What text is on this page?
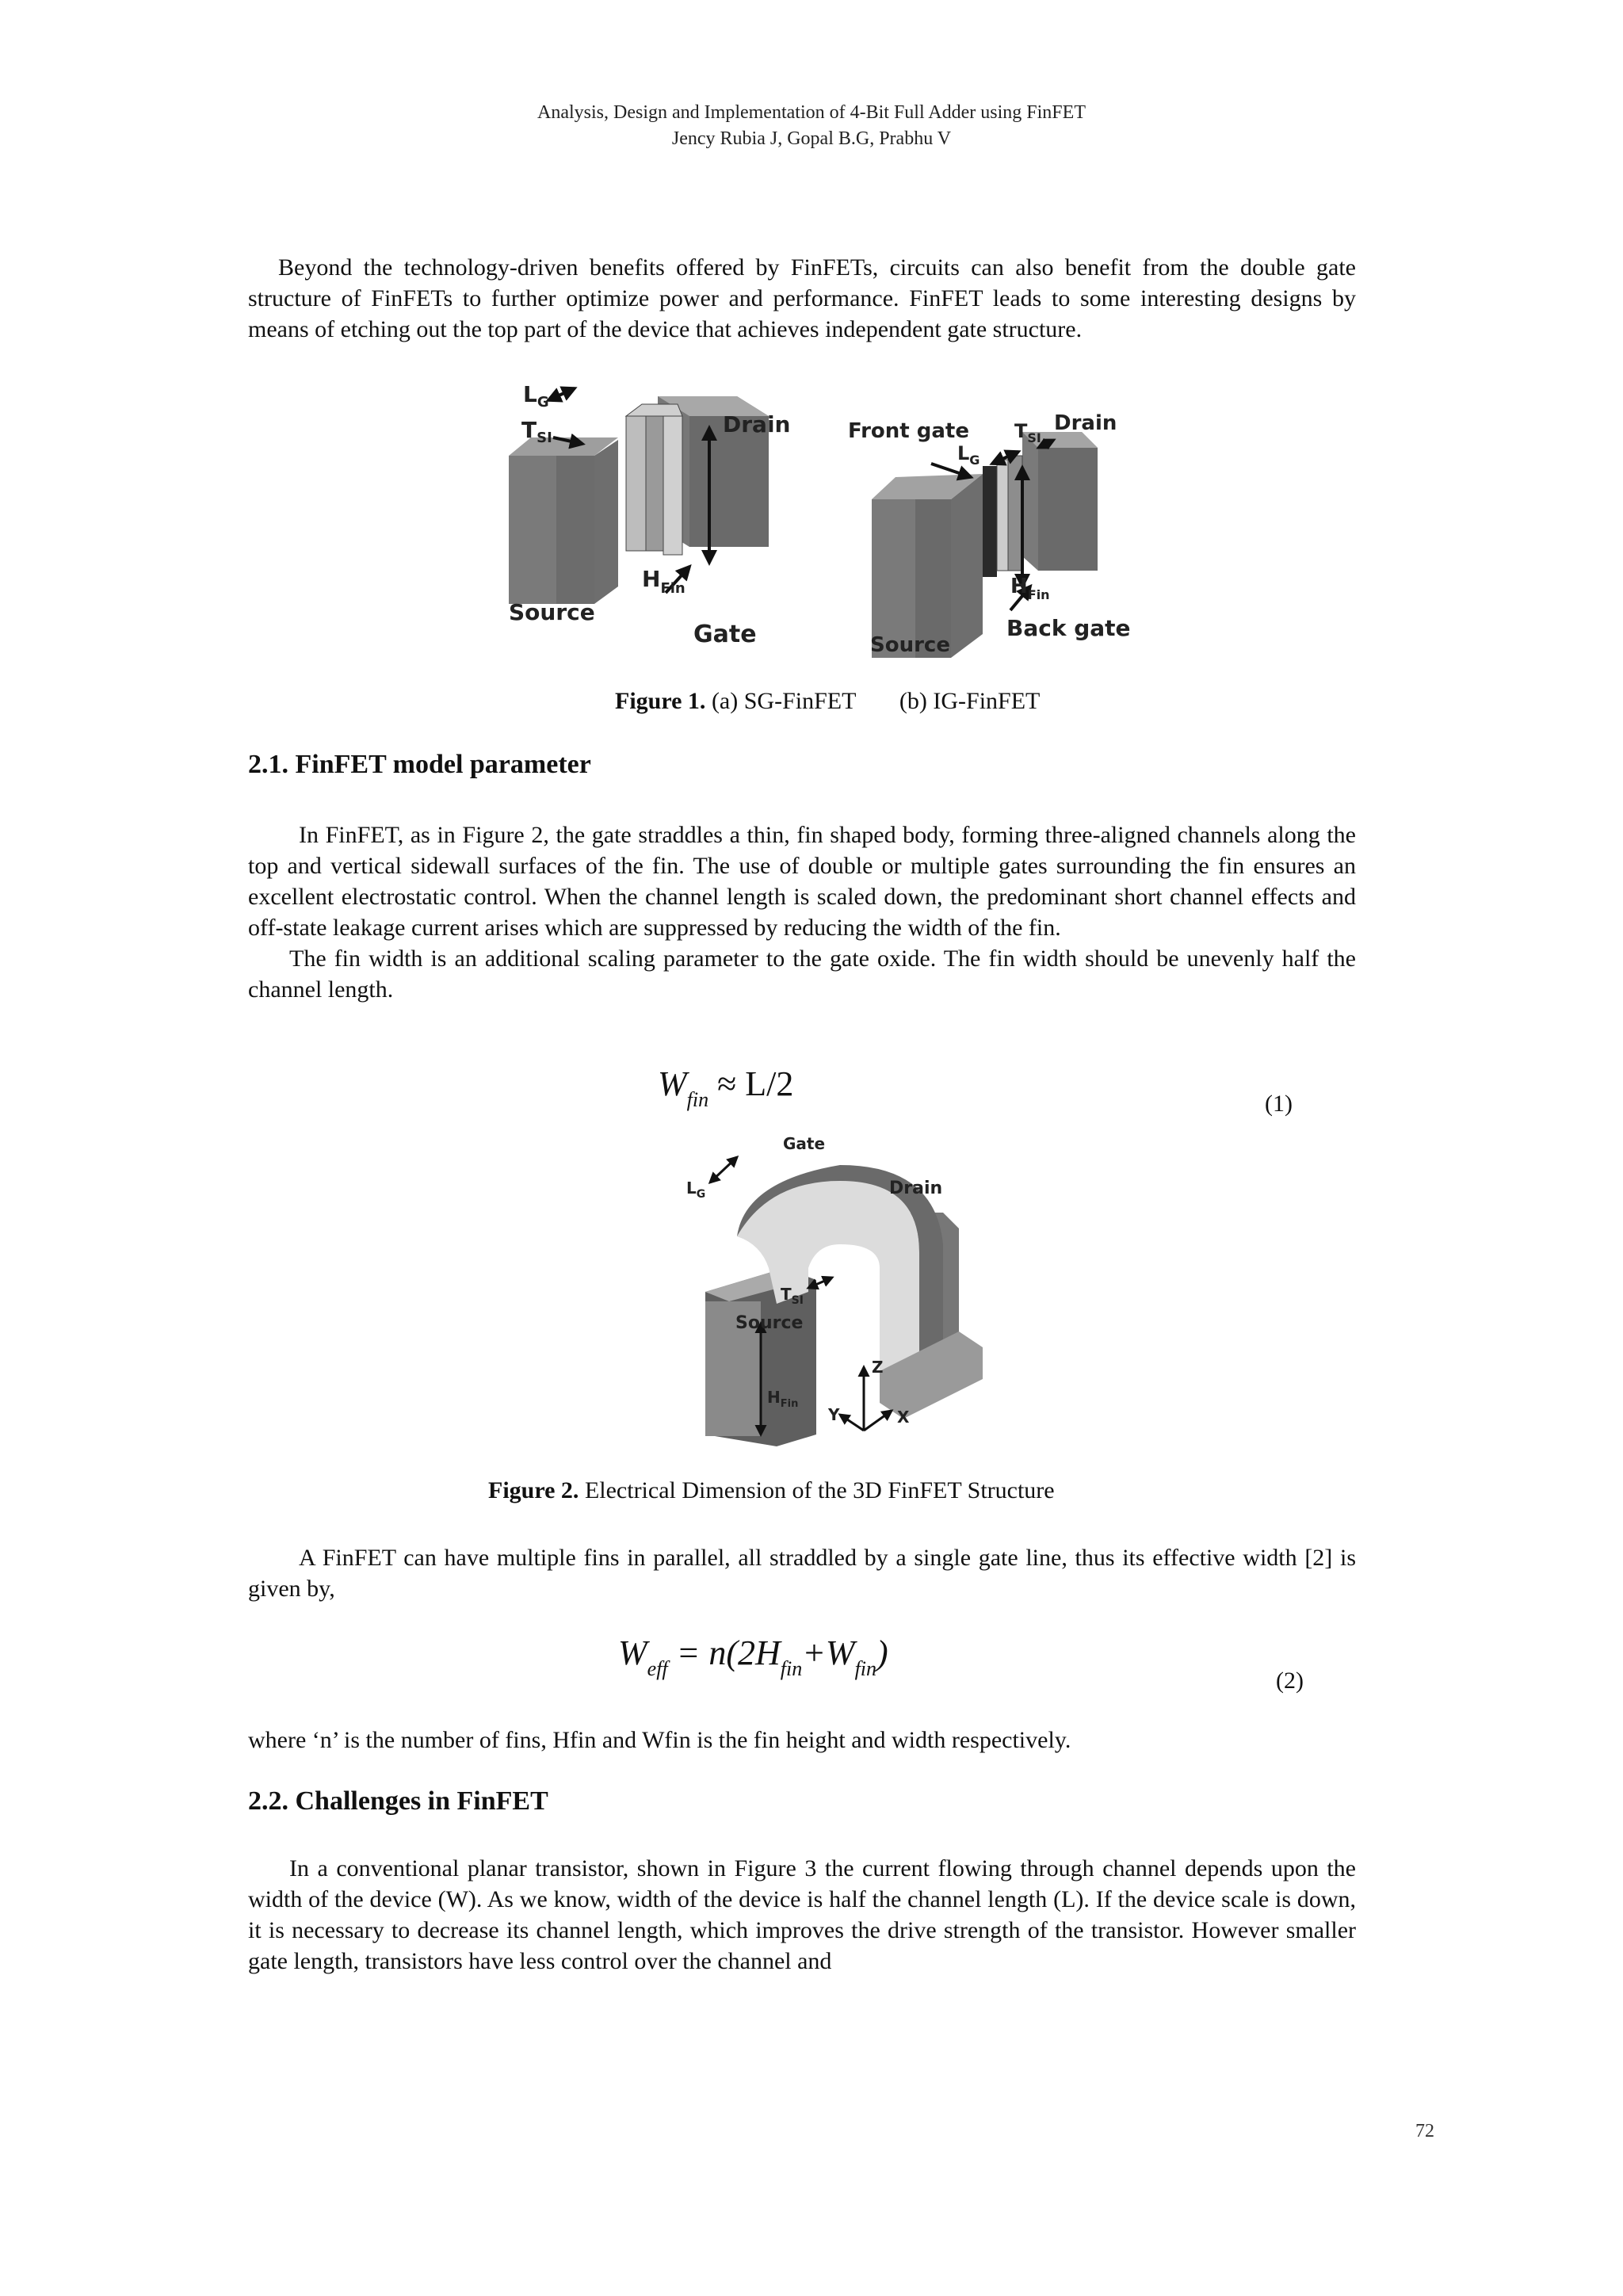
Analysis, Design and Implementation of 4-Bit Full Adder using FinFET
Jency Rubia J, Gopal B.G, Prabhu V

Beyond the technology-driven benefits offered by FinFETs, circuits can also benefit from the double gate structure of FinFETs to further optimize power and performance. FinFET leads to some interesting designs by means of etching out the top part of the device that achieves independent gate structure.

$L_G$
$T_{SI}$
Drain
Source
$H_{Fin}$
Gate
Front gate
$L_G$
$T_{SI}$
Drain
$H_{Fin}$
Source
Back gate
Figure 1. (a) SG-FinFET (b) IG-FinFET
2.1. FinFET model parameter

In FinFET, as in Figure 2, the gate straddles a thin, fin shaped body, forming three-aligned channels along the top and vertical sidewall surfaces of the fin. The use of double or multiple gates surrounding the fin ensures an excellent electrostatic control. When the channel length is scaled down, the predominant short channel effects and off-state leakage current arises which are suppressed by reducing the width of the fin.

The fin width is an additional scaling parameter to the gate oxide. The fin width should be unevenly half the channel length.

$W_{fin} \approx L/2$
(1)
Gate
Drain
$L_G$
$T_{SI}$
Source
$H_{Fin}$
Z
Y	X
Figure 2. Electrical Dimension of the 3D FinFET Structure

A FinFET can have multiple fins in parallel, all straddled by a single gate line, thus its effective width [2] is given by,

$W_{eff} = n(2H_{fin}+W_{fin})$
(2)

where ‘n’ is the number of fins, Hfin and Wfin is the fin height and width respectively.

2.2. Challenges in FinFET

In a conventional planar transistor, shown in Figure 3 the current flowing through channel depends upon the width of the device (W). As we know, width of the device is half the channel length (L). If the device scale is down, it is necessary to decrease its channel length, which improves the drive strength of the transistor. However smaller gate length, transistors have less control over the channel and

72
